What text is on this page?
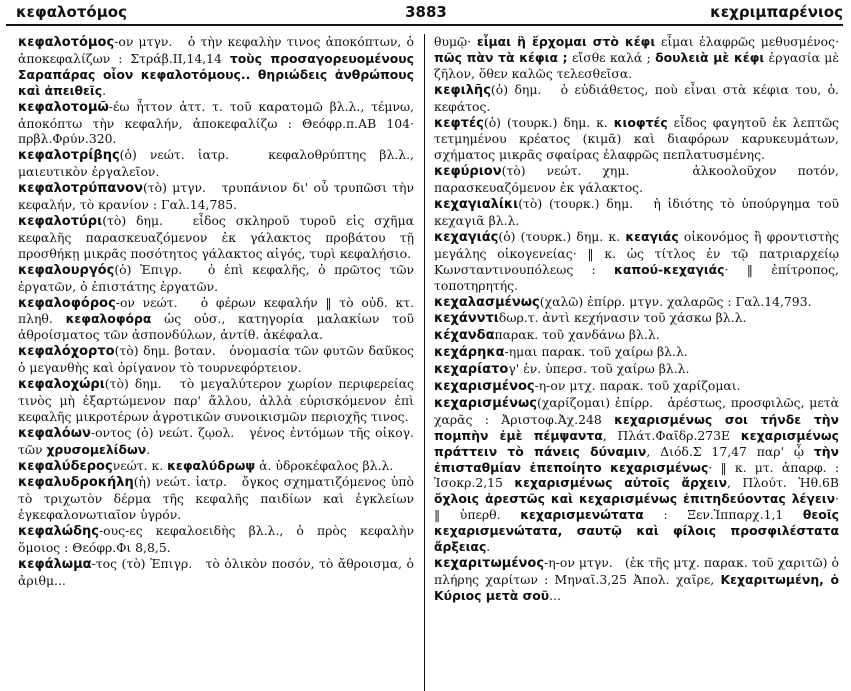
κεφαλοτόμος	3883	κεχριμπαρένιος

κεφαλοτόμος-ον μτγν.   ὁ τὴν κεφαλὴν τινος ἀποκόπτων, ὁ ἀποκεφαλίζων : Στράβ.II,14,14 τοὺς προσαγορευομένους Σαραπάρας οἷον κεφαλοτόμους.. θηριώδεις ἀνθρώπους καὶ ἀπειθεῖς.

κεφαλοτομῶ-έω ἧττον ἀττ. τ. τοῦ καρατομῶ βλ.λ., τέμνω, ἀποκόπτω τὴν κεφαλήν, ἀποκεφαλίζω : Θεόφρ.π.ΑΒ 104· πρβλ.Φρύν.320.

κεφαλοτρίβης(ὁ) νεώτ. ἰατρ.   κεφαλοθρύπτης βλ.λ., μαιευτικὸν ἐργαλεῖον.

κεφαλοτρύπανον(τὸ) μτγν.   τρυπάνιον δι' οὗ τρυπῶσι τὴν κεφαλήν, τὸ κρανίον : Γαλ.14,785.

κεφαλοτύρι(τὸ) δημ.   εἶδος σκληροῦ τυροῦ εἰς σχῆμα κεφαλῆς παρασκευαζόμενον ἐκ γάλακτος προβάτου τῇ προσθήκῃ μικρᾶς ποσότητος γάλακτος αἰγός, τυρὶ κεφαλήσιο.

κεφαλουργός(ὁ) Ἐπιγρ.   ὁ ἐπὶ κεφαλῆς, ὁ πρῶτος τῶν ἐργατῶν, ὁ ἐπιστάτης ἐργατῶν.

κεφαλοφόρος-ον νεώτ.   ὁ φέρων κεφαλήν ‖ τὸ οὐδ. κτ. πληθ. κεφαλοφόρα ὡς οὐσ., κατηγορία μαλακίων τοῦ ἀθροίσματος τῶν ἀσπονδύλων, ἀντίθ. ἀκέφαλα.

κεφαλόχορτο(τὸ) δημ. βοταν.   ὀνομασία τῶν φυτῶν δαῦκος ὁ μεγανθὴς καὶ ὀρίγανον τὸ τουρνεφόρτειον.

κεφαλοχώρι(τὸ) δημ.   τὸ μεγαλύτερον χωρίον περιφερείας τινὸς μὴ ἐξαρτώμενον παρ' ἄλλου, ἀλλὰ εὑρισκόμενον ἐπὶ κεφαλῆς μικροτέρων ἀγροτικῶν συνοικισμῶν περιοχῆς τινος.

κεφαλόων-οντος (ὁ) νεώτ. ζῳολ.   γένος ἐντόμων τῆς οἰκογ. τῶν χρυσομελίδων.

κεφαλύδεροςνεώτ. κ. κεφαλύδρωψ ἀ. ὑδροκέφαλος βλ.λ.

κεφαλυδροκήλη(ἡ) νεώτ. ἰατρ.   ὄγκος σχηματιζόμενος ὑπὸ τὸ τριχωτὸν δέρμα τῆς κεφαλῆς παιδίων καὶ ἐγκλείων ἐγκεφαλονωτιαῖον ὑγρόν.

κεφαλώδης-ους-ες κεφαλοειδὴς βλ.λ., ὁ πρὸς κεφαλὴν ὅμοιος : Θεόφρ.Φι 8,8,5.

κεφάλωμα-τος (τὸ) Ἐπιγρ.   τὸ ὁλικὸν ποσόν, τὸ ἄθροισμα, ὁ ἀριθμ...

θυμῷ· εἶμαι ἢ ἔρχομαι στὸ κέφι εἶμαι ἐλαφρῶς μεθυσμένος· πῶς πὰν τὰ κέφια ; εἴσθε καλά ; δουλειὰ μὲ κέφι ἐργασία μὲ ζῆλον, ὅθεν καλῶς τελεσθεῖσα.

κεφιλῆς(ὁ) δημ.   ὁ εὐδιάθετος, ποὺ εἶναι στὰ κέφια του, ὁ. κεφάτος.

κεφτές(ὁ) (τουρκ.) δημ. κ. κιοφτές εἶδος φαγητοῦ ἐκ λεπτῶς τετμημένου κρέατος (κιμᾶ) καὶ διαφόρων καρυκευμάτων, σχήματος μικρᾶς σφαίρας ἐλαφρῶς πεπλατυσμένης.

κεφύριον(τὸ) νεώτ. χημ.   ἀλκοολοῦχον ποτόν, παρασκευαζόμενον ἐκ γάλακτος.

κεχαγιαλίκι(τὸ) (τουρκ.) δημ.   ἡ ἰδιότης τὸ ὑπούργημα τοῦ κεχαγιᾶ βλ.λ.

κεχαγιάς(ὁ) (τουρκ.) δημ. κ. κεαγιάς οἰκονόμος ἢ φροντιστὴς μεγάλης οἰκογενείας· ‖ κ. ὡς τίτλος ἐν τῷ πατριαρχείῳ Κωνσταντινουπόλεως : καπού-κεχαγιάς· ‖ ἐπίτροπος, τοποτηρητής.

κεχαλασμένως(χαλῶ) ἐπίρρ. μτγν. χαλαρῶς : Γαλ.14,793.

κεχάνντιδωρ.τ. ἀντὶ κεχήνασιν τοῦ χάσκω βλ.λ.

κέχανδαπαρακ. τοῦ χανδάνω βλ.λ.

κεχάρηκα-ημαι παρακ. τοῦ χαίρω βλ.λ.

κεχαρίατογ' ἑν. ὑπερσ. τοῦ χαίρω βλ.λ.

κεχαρισμένος-η-ον μτχ. παρακ. τοῦ χαρίζομαι.

κεχαρισμένως(χαρίζομαι) ἐπίρρ.   ἀρέστως, προσφιλῶς, μετὰ χαρᾶς : Ἀριστοφ.Ἀχ.248 κεχαρισμένως σοι τήνδε τὴν πομπὴν ἐμὲ πέμψαντα, Πλάτ.Φαῖδρ.273Ε κεχαρισμένως πράττειν τὸ πάνεις δύναμιν, Διόδ.Σ 17,47 παρ' ᾧ τὴν ἐπισταθμίαν ἐπεποίητο κεχαρισμένως· ‖ κ. μτ. ἀπαρφ. : Ἰσοκρ.2,15 κεχαρισμένως αὐτοῖς ἄρχειν, Πλούτ. Ἠθ.6Β ὄχλοις ἀρεστῶς καὶ κεχαρισμένως ἐπιτηδεύοντας λέγειν· ‖ ὑπερθ. κεχαρισμενώτατα : Ξεν.Ἱππαρχ.1,1 θεοῖς κεχαρισμενώτατα, σαυτῷ καὶ φίλοις προσφιλέστατα ἄρξειας.

κεχαριτωμένος-η-ον μτγν.   (ἐκ τῆς μτχ. παρακ. τοῦ χαριτῶ) ὁ πλήρης χαρίτων : Μηναῖ.3,25 Ἀπολ. χαῖρε, Κεχαριτωμένη, ὁ Κύριος μετὰ σοῦ...
